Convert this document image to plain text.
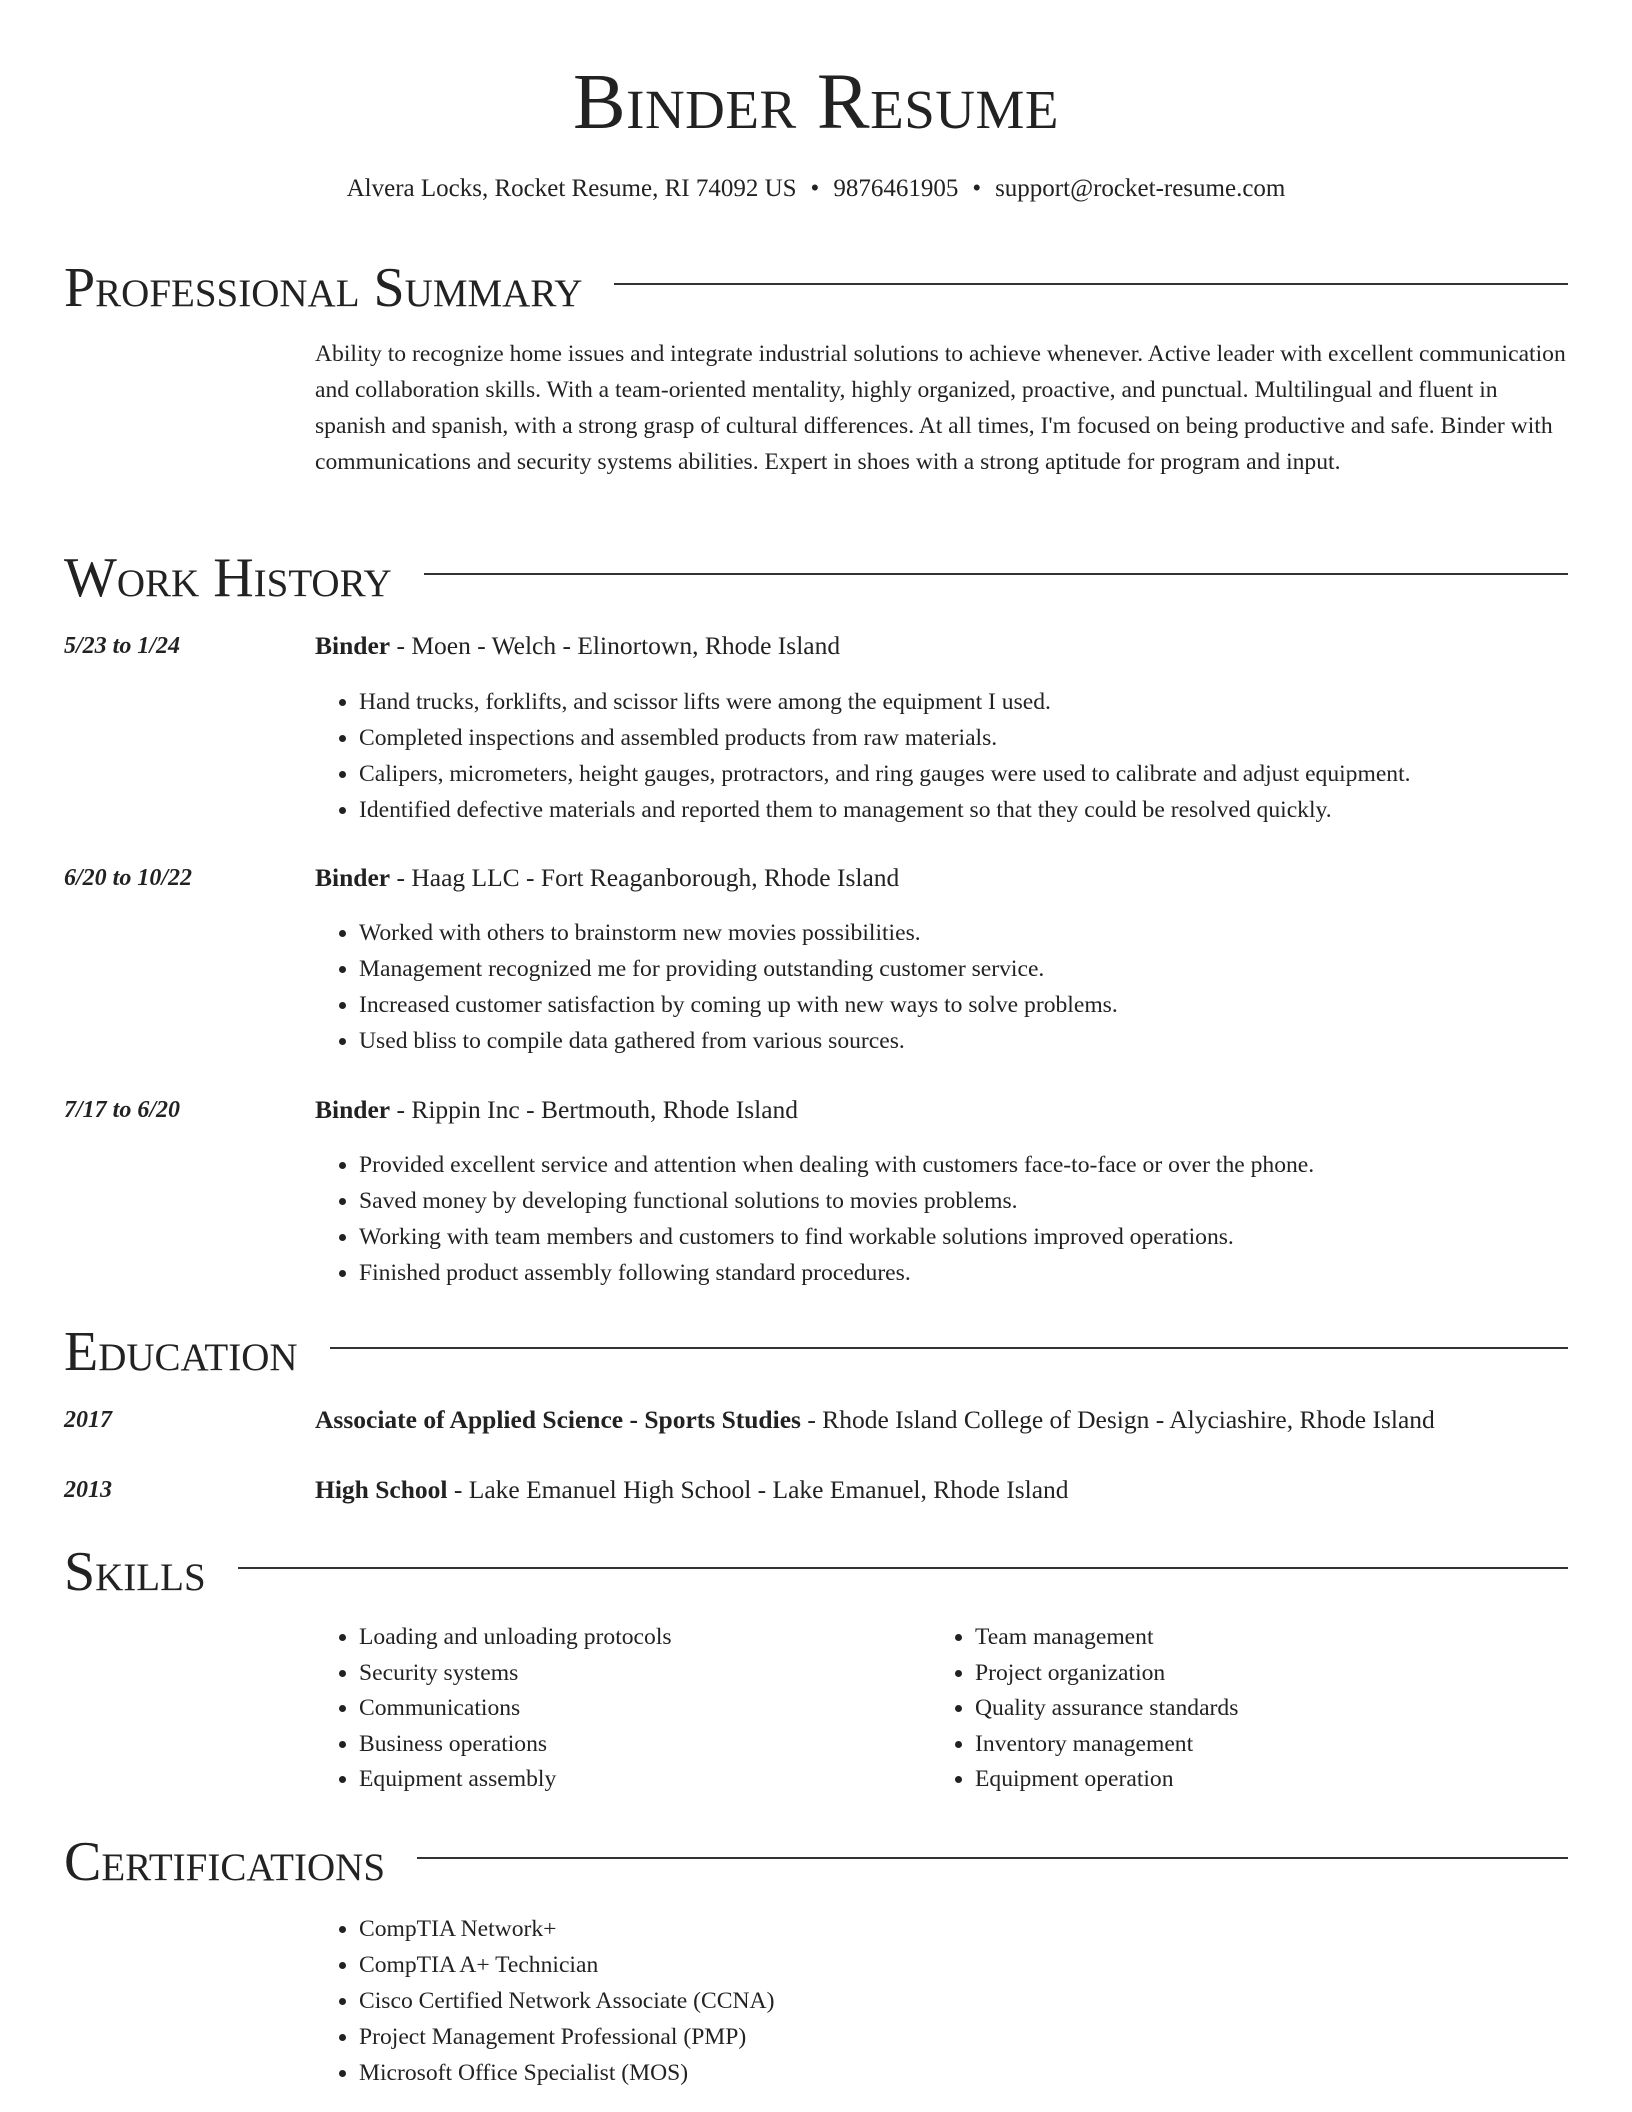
Binder Resume
Alvera Locks, Rocket Resume, RI 74092 US • 9876461905 • support@rocket-resume.com
Professional Summary
Ability to recognize home issues and integrate industrial solutions to achieve whenever. Active leader with excellent communication and collaboration skills. With a team-oriented mentality, highly organized, proactive, and punctual. Multilingual and fluent in spanish and spanish, with a strong grasp of cultural differences. At all times, I'm focused on being productive and safe. Binder with communications and security systems abilities. Expert in shoes with a strong aptitude for program and input.
Work History
5/23 to 1/24	Binder - Moen - Welch - Elinortown, Rhode Island
• Hand trucks, forklifts, and scissor lifts were among the equipment I used.
• Completed inspections and assembled products from raw materials.
• Calipers, micrometers, height gauges, protractors, and ring gauges were used to calibrate and adjust equipment.
• Identified defective materials and reported them to management so that they could be resolved quickly.
6/20 to 10/22	Binder - Haag LLC - Fort Reaganborough, Rhode Island
• Worked with others to brainstorm new movies possibilities.
• Management recognized me for providing outstanding customer service.
• Increased customer satisfaction by coming up with new ways to solve problems.
• Used bliss to compile data gathered from various sources.
7/17 to 6/20	Binder - Rippin Inc - Bertmouth, Rhode Island
• Provided excellent service and attention when dealing with customers face-to-face or over the phone.
• Saved money by developing functional solutions to movies problems.
• Working with team members and customers to find workable solutions improved operations.
• Finished product assembly following standard procedures.
Education
2017	Associate of Applied Science - Sports Studies - Rhode Island College of Design - Alyciashire, Rhode Island
2013	High School - Lake Emanuel High School - Lake Emanuel, Rhode Island
Skills
• Loading and unloading protocols
• Security systems
• Communications
• Business operations
• Equipment assembly
• Team management
• Project organization
• Quality assurance standards
• Inventory management
• Equipment operation
Certifications
• CompTIA Network+
• CompTIA A+ Technician
• Cisco Certified Network Associate (CCNA)
• Project Management Professional (PMP)
• Microsoft Office Specialist (MOS)
